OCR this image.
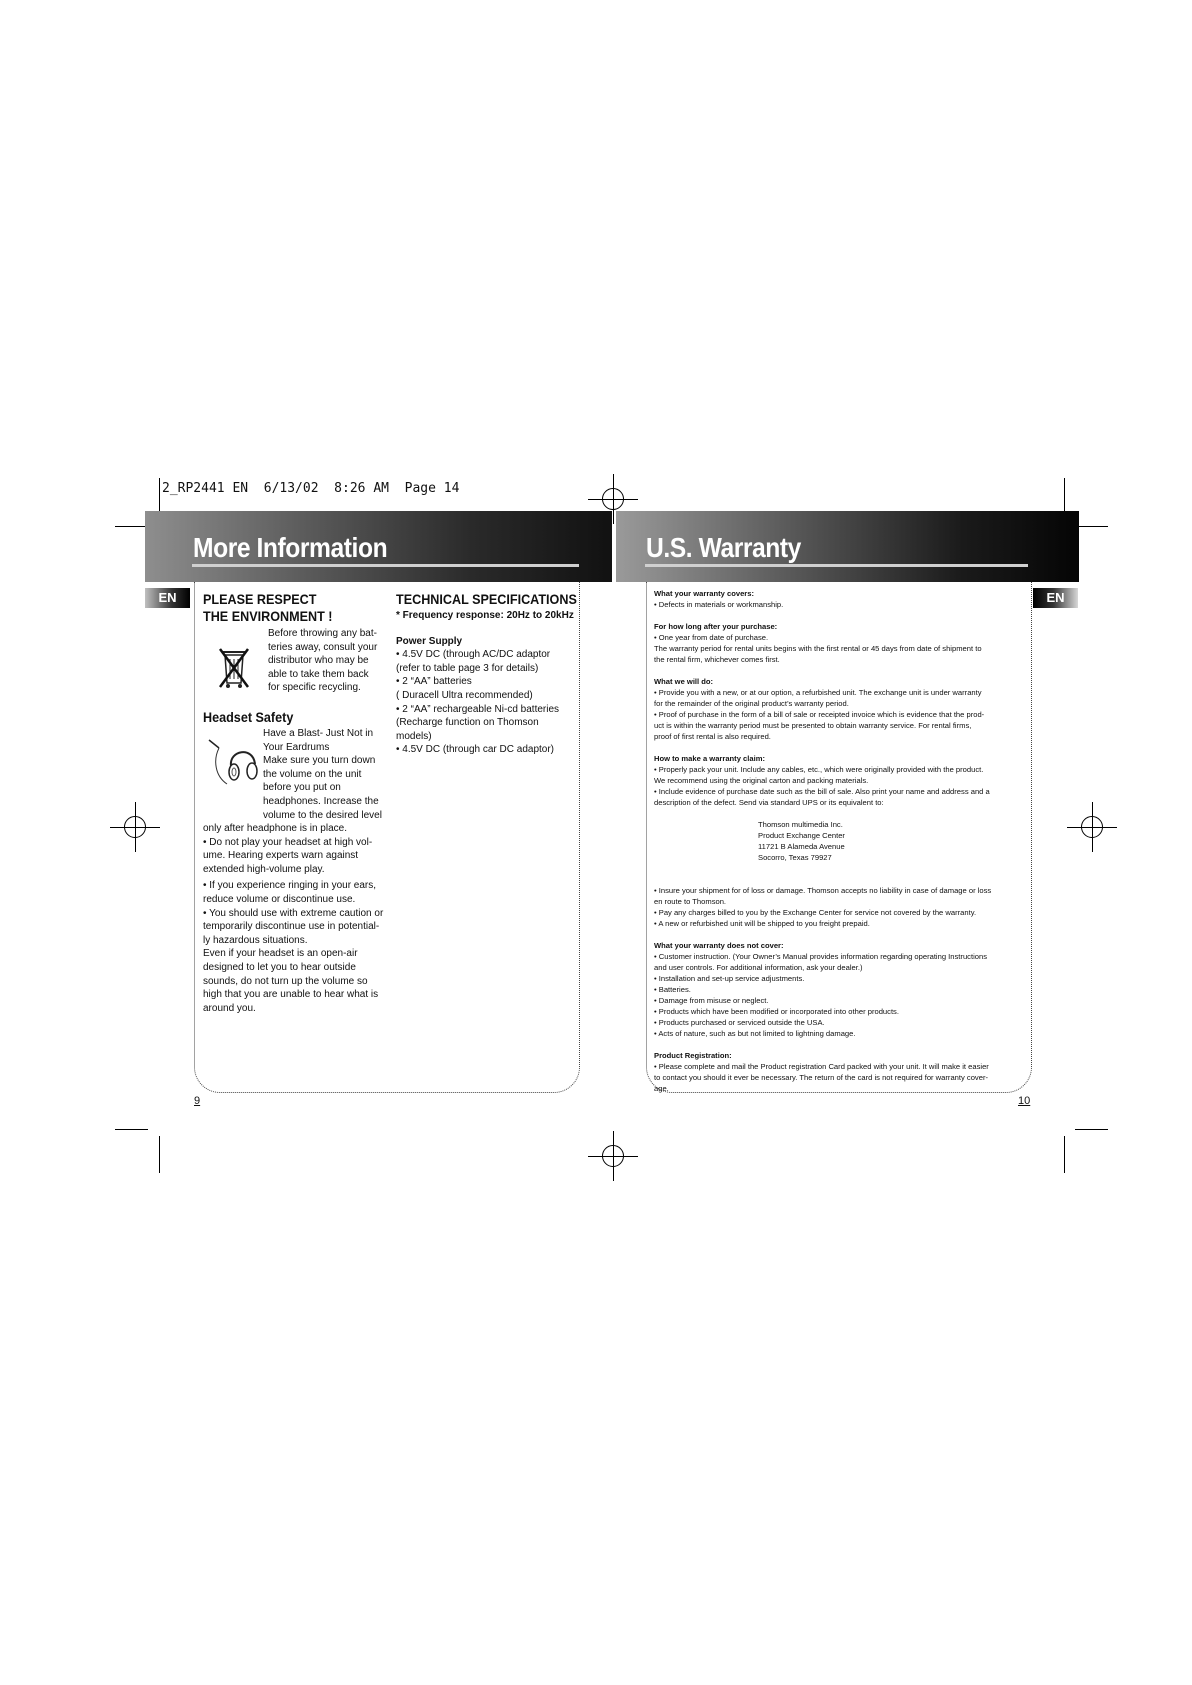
2_RP2441 EN  6/13/02  8:26 AM  Page 14
More Information	U.S. Warranty
EN	EN
9	10
PLEASE RESPECT
THE ENVIRONMENT !
Before throwing any bat-
teries away, consult your
distributor who may be
able to take them back
for specific recycling.
Headset Safety
Have a Blast- Just Not in
Your Eardrums
Make sure you turn down
the volume on the unit
before you put on
headphones. Increase the
volume to the desired level
only after headphone is in place.
• Do not play your headset at high vol-
ume. Hearing experts warn against
extended high-volume play.
• If you experience ringing in your ears,
reduce volume or discontinue use.
• You should use with extreme caution or
temporarily discontinue use in potential-
ly hazardous situations.
Even if your headset is an open-air
designed to let you to hear outside
sounds, do not turn up the volume so
high that you are unable to hear what is
around you.
TECHNICAL SPECIFICATIONS
* Frequency response: 20Hz to 20kHz
Power Supply
• 4.5V DC (through AC/DC adaptor
(refer to table page 3 for details)
• 2 “AA” batteries
( Duracell Ultra recommended)
• 2 “AA” rechargeable Ni-cd batteries
(Recharge function on Thomson
models)
• 4.5V DC (through car DC adaptor)

What your warranty covers:

• Defects in materials or workmanship.

For how long after your purchase:

• One year from date of purchase.

The warranty period for rental units begins with the first rental or 45 days from date of shipment to

the rental firm, whichever comes first.

What we will do:

• Provide you with a new, or at our option, a refurbished unit. The exchange unit is under warranty

for the remainder of the original product’s warranty period.

• Proof of purchase in the form of a bill of sale or receipted invoice which is evidence that the prod-

uct is within the warranty period must be presented to obtain warranty service. For rental firms,

proof of first rental is also required.

How to make a warranty claim:

• Properly pack your unit. Include any cables, etc., which were originally provided with the product.

We recommend using the original carton and packing materials.

• Include evidence of purchase date such as the bill of sale. Also print your name and address and a

description of the defect. Send via standard UPS or its equivalent to:

Thomson multimedia Inc.

Product Exchange Center

11721 B Alameda Avenue

Socorro, Texas 79927

• Insure your shipment for of loss or damage. Thomson accepts no liability in case of damage or loss

en route to Thomson.

• Pay any charges billed to you by the Exchange Center for service not covered by the warranty.

• A new or refurbished unit will be shipped to you freight prepaid.

What your warranty does not cover:

• Customer instruction. (Your Owner’s Manual provides information regarding operating Instructions

and user controls. For additional information, ask your dealer.)

• Installation and set-up service adjustments.

• Batteries.

• Damage from misuse or neglect.

• Products which have been modified or incorporated into other products.

• Products purchased or serviced outside the USA.

• Acts of nature, such as but not limited to lightning damage.

Product Registration:

• Please complete and mail the Product registration Card packed with your unit. It will make it easier

to contact you should it ever be necessary. The return of the card is not required for warranty cover-

age.
